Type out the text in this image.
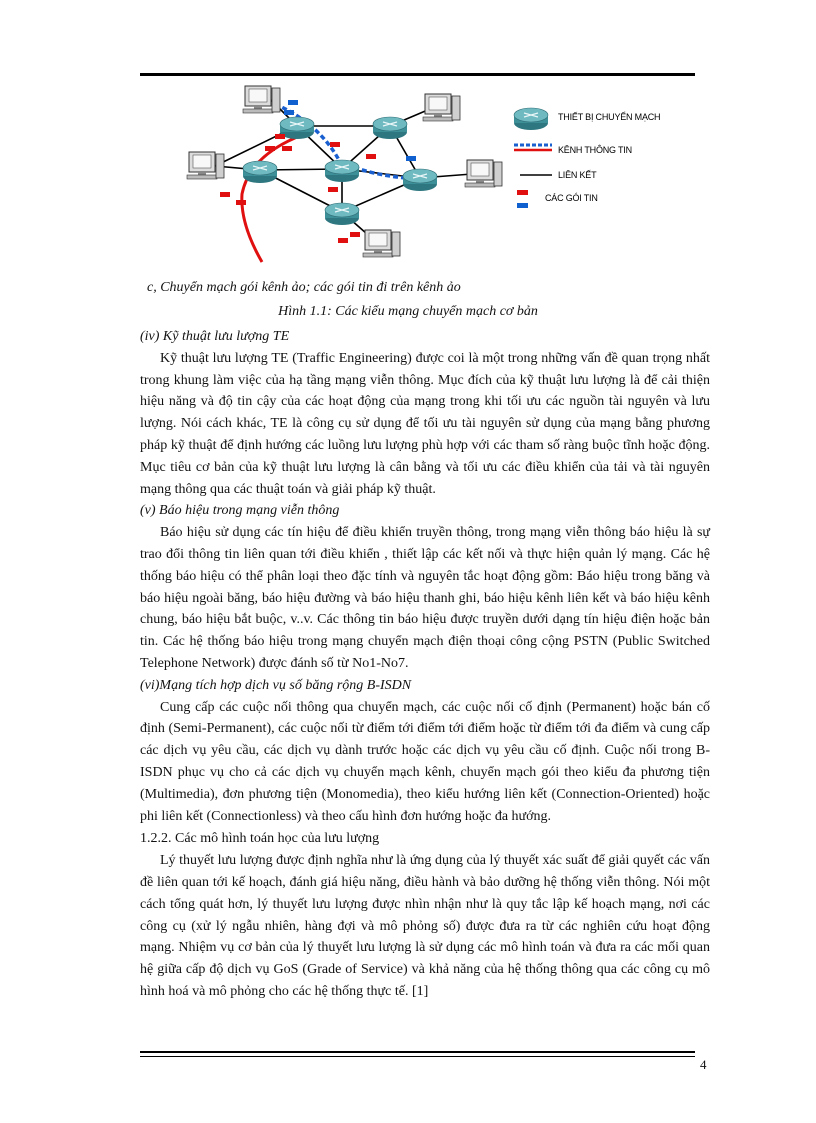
THIẾT BỊ CHUYỂN MẠCH
KÊNH THÔNG TIN
LIÊN KẾT
CÁC GÓI TIN
c, Chuyển mạch gói kênh ảo; các gói tin đi trên kênh ảo
Hình 1.1: Các kiểu mạng chuyển mạch cơ bản

(iv) Kỹ thuật lưu lượng TE

Kỹ thuật lưu lượng TE (Traffic Engineering) được coi là một trong những vấn đề quan trọng nhất trong khung làm việc của hạ tầng mạng viễn thông. Mục đích của kỹ thuật lưu lượng là để cải thiện hiệu năng và độ tin cậy của các hoạt động của mạng trong khi tối ưu các nguồn tài nguyên và lưu lượng. Nói cách khác, TE là công cụ sử dụng để tối ưu tài nguyên sử dụng của mạng bằng phương pháp kỹ thuật để định hướng các luồng lưu lượng phù hợp với các tham số ràng buộc tĩnh hoặc động. Mục tiêu cơ bản của kỹ thuật lưu lượng là cân bằng và tối ưu các điều khiển của tải và tài nguyên mạng thông qua các thuật toán và giải pháp kỹ thuật.

(v) Báo hiệu trong mạng viễn thông

Báo hiệu sử dụng các tín hiệu để điều khiển truyền thông, trong mạng viễn thông báo hiệu là sự trao đổi thông tin liên quan tới điều khiển , thiết lập các kết nối và thực hiện quản lý mạng. Các hệ thống báo hiệu có thể phân loại theo đặc tính và nguyên tắc hoạt động gồm: Báo hiệu trong băng và báo hiệu ngoài băng, báo hiệu đường và báo hiệu thanh ghi, báo hiệu kênh liên kết và báo hiệu kênh chung, báo hiệu bắt buộc, v..v. Các thông tin báo hiệu được truyền dưới dạng tín hiệu điện hoặc bản tin. Các hệ thống báo hiệu trong mạng chuyển mạch điện thoại công cộng PSTN (Public Switched Telephone Network) được đánh số từ No1-No7.

(vi)Mạng tích hợp dịch vụ số băng rộng B-ISDN

Cung cấp các cuộc nối thông qua chuyển mạch, các cuộc nối cố định (Permanent) hoặc bán cố định (Semi-Permanent), các cuộc nối từ điểm tới điểm tới điểm hoặc từ điểm tới đa điểm và cung cấp các dịch vụ yêu cầu, các dịch vụ dành trước hoặc các dịch vụ yêu cầu cố định. Cuộc nối trong B-ISDN phục vụ cho cả các dịch vụ chuyển mạch kênh, chuyển mạch gói theo kiểu đa phương tiện (Multimedia), đơn phương tiện (Monomedia), theo kiểu hướng liên kết (Connection-Oriented) hoặc phi liên kết (Connectionless) và theo cấu hình đơn hướng hoặc đa hướng.

1.2.2. Các mô hình toán học của lưu lượng

Lý thuyết lưu lượng được định nghĩa như là ứng dụng của lý thuyết xác suất để giải quyết các vấn đề liên quan tới kế hoạch, đánh giá hiệu năng, điều hành và bảo dưỡng hệ thống viễn thông. Nói một cách tổng quát hơn, lý thuyết lưu lượng được nhìn nhận như là quy tắc lập kế hoạch mạng, nơi các công cụ (xử lý ngẫu nhiên, hàng đợi và mô phỏng số) được đưa ra từ các nghiên cứu hoạt động mạng. Nhiệm vụ cơ bản của lý thuyết lưu lượng là sử dụng các mô hình toán và đưa ra các mối quan hệ giữa cấp độ dịch vụ GoS (Grade of Service) và khả năng của hệ thống thông qua các công cụ mô hình hoá và mô phỏng cho các hệ thống thực tế. [1]

4
